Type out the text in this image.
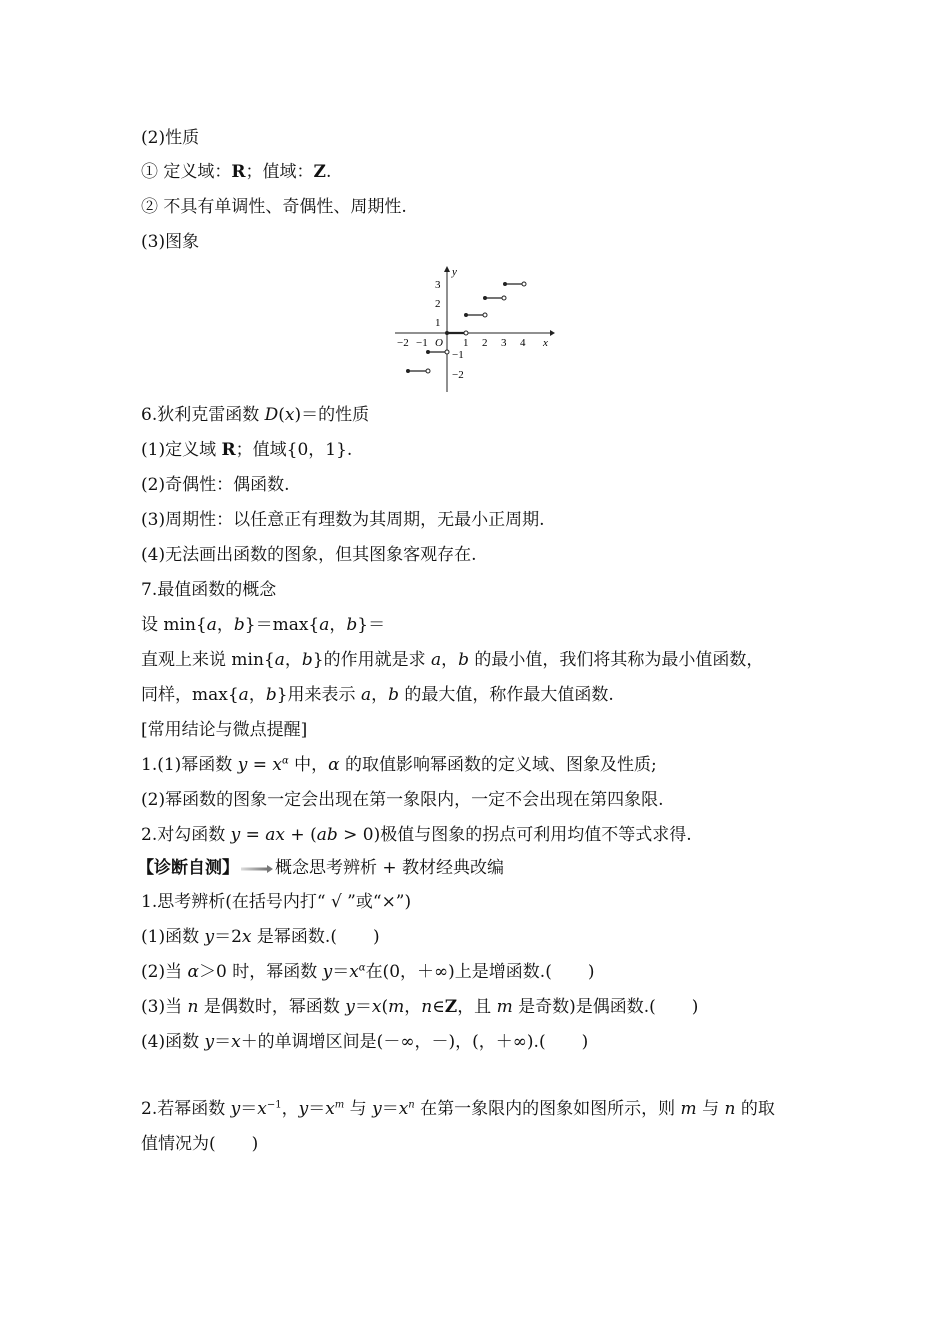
(2)性质
① 定义域：R；值域：Z.
② 不具有单调性、奇偶性、周期性.
(3)图象
y
x
O
3
2
1
−1
−2
−2 −1	1 2 3 4
6.狄利克雷函数 D(x)＝的性质
(1)定义域 R；值域{0，1}.
(2)奇偶性：偶函数.
(3)周期性：以任意正有理数为其周期，无最小正周期.
(4)无法画出函数的图象，但其图象客观存在.
7.最值函数的概念
设 min{a，b}＝max{a，b}＝
直观上来说 min{a，b}的作用就是求 a，b 的最小值，我们将其称为最小值函数，
同样，max{a，b}用来表示 a，b 的最大值，称作最大值函数.
[常用结论与微点提醒]
1.(1)幂函数 $y = x^\alpha$ 中，α 的取值影响幂函数的定义域、图象及性质;
(2)幂函数的图象一定会出现在第一象限内，一定不会出现在第四象限.
2.对勾函数 y = ax + (ab > 0)极值与图象的拐点可利用均值不等式求得.
【诊断自测】 概念思考辨析 + 教材经典改编
1.思考辨析(在括号内打“ √ ”或“×”)
(1)函数 y＝2x 是幂函数.( )
(2)当 α＞0 时，幂函数 $y=x^\alpha$在(0，＋∞)上是增函数.( )
(3)当 n 是偶数时，幂函数 y＝x(m，n∈Z，且 m 是奇数)是偶函数.( )
(4)函数 y＝x＋的单调增区间是(－∞，－)，(，＋∞).( )
2.若幂函数 $y=x^{-1}$，$y=x^m$ 与 $y=x^n$ 在第一象限内的图象如图所示，则 m 与 n 的取
值情况为( )
